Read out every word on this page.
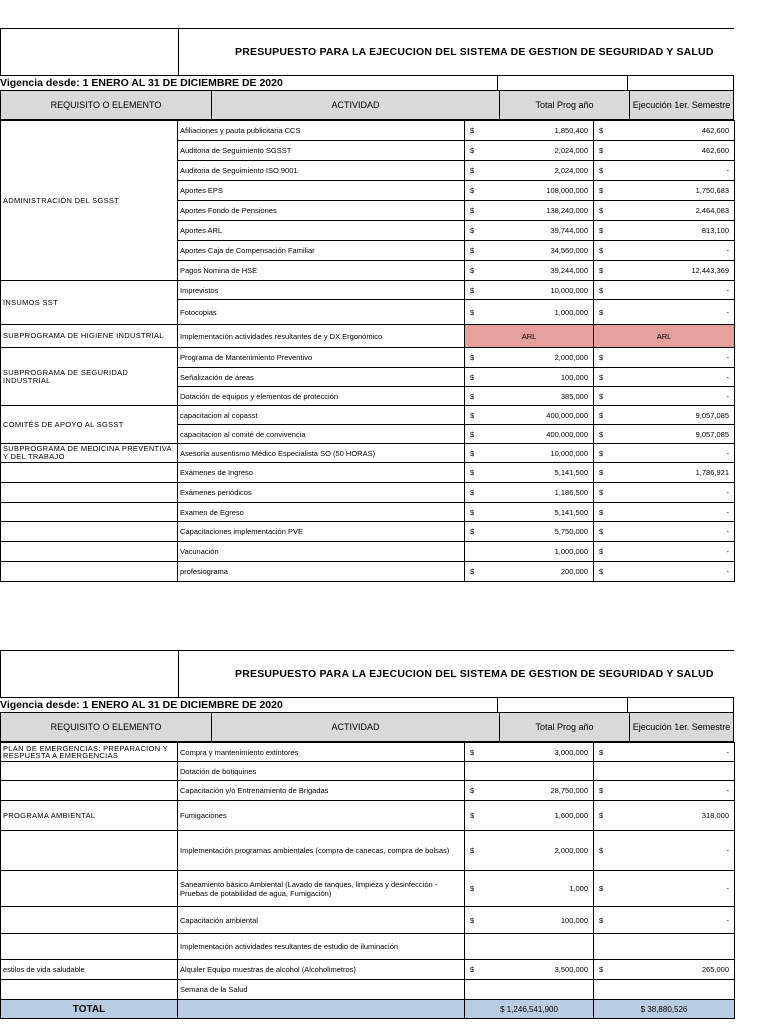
PRESUPUESTO PARA LA EJECUCION DEL SISTEMA DE GESTION DE SEGURIDAD Y SALUD
Vigencia desde: 1 ENERO AL 31 DE DICIEMBRE DE 2020
REQUISITO O ELEMENTO	ACTIVIDAD	Total Prog año	Ejecución 1er. Semestre
ADMINISTRACIÓN DEL SGSST	Afiliaciones y pauta publicitaria CCS	$ 1,850,400	$ 462,600

	Auditoria de Seguimiento SGSST	$ 2,024,000	$ 462,600

	Auditoria de Seguimiento ISO 9001	$ 2,024,000	$ -

	Aportes EPS	$ 108,000,000	$ 1,750,683

	Aportes Fondo de Pensiones	$ 138,240,000	$ 2,464,083

	Aportes ARL	$ 39,744,000	$ 813,100

	Aportes Caja de Compensación Familiar	$ 34,560,000	$ -

	Pagos Nomina de HSE	$ 39,244,000	$ 12,443,369

INSUMOS SST	Imprevistos	$ 10,000,000	$ -

	Fotocopias	$ 1,000,000	$ -

SUBPROGRAMA DE HIGIENE INDUSTRIAL	Implementación actividades resultantes de y DX Ergonómico	ARL	ARL
SUBPROGRAMA DE SEGURIDAD INDUSTRIAL	Programa de Mantenimiento Preventivo	$ 2,000,000	$ -

	Señalización de áreas	$ 100,000	$ -

	Dotación de equipos y elementos de protección	$ 385,000	$ -

COMITÉS DE APOYO AL SGSST	capacitacion al copasst	$ 400,000,000	$ 9,057,085

	capacitacion al comité de convivencia	$ 400,000,000	$ 9,057,085

SUBPROGRAMA DE MEDICINA PREVENTIVA Y DEL TRABAJO	Asesoria ausentismo Médico Especialista SO (50 HORAS)	$ 10,000,000	$ -

	Exámenes de Ingreso	$ 5,141,500	$ 1,786,921

	Exámenes periódicos	$ 1,186,500	$ -

	Examen de Egreso	$ 5,141,500	$ -

	Capacitaciones implementación PVE	$ 5,750,000	$ -

	Vacunación	1,000,000	$ -

	profesiograma	$ 200,000	$ -
PRESUPUESTO PARA LA EJECUCION DEL SISTEMA DE GESTION DE SEGURIDAD Y SALUD
Vigencia desde: 1 ENERO AL 31 DE DICIEMBRE DE 2020
REQUISITO O ELEMENTO	ACTIVIDAD	Total Prog año	Ejecución 1er. Semestre
PLAN DE EMERGENCIAS: PREPARACION Y RESPUESTA A EMERGENCIAS	Compra y mantenimiento extintores	$ 3,000,000	$ -

	Dotación de botiquines		
	Capacitación y/o Entrenamiento de Brigadas	$ 28,750,000	$ -

PROGRAMA AMBIENTAL	Fumigaciones	$ 1,600,000	$ 318,000

	Implementación programas ambientales (compra de canecas, compra de bolsas)	$ 2,000,000	$ -

	Saneamiento básico Ambiental (Lavado de tanques, limpieza y desinfección - Pruebas de potabilidad de agua, Fumigación)	$ 1,000	$ -

	Capacitación ambiental	$ 100,000	$ -

	Implementación actividades resultantes de estudio de iluminación		
estilos de vida saludable	Alquiler Equipo muestras de alcohol (Alcoholimetros)	$ 3,500,000	$ 265,000

	Semana de la Salud		
TOTAL		$ 1,246,541,900	$ 38,880,526
